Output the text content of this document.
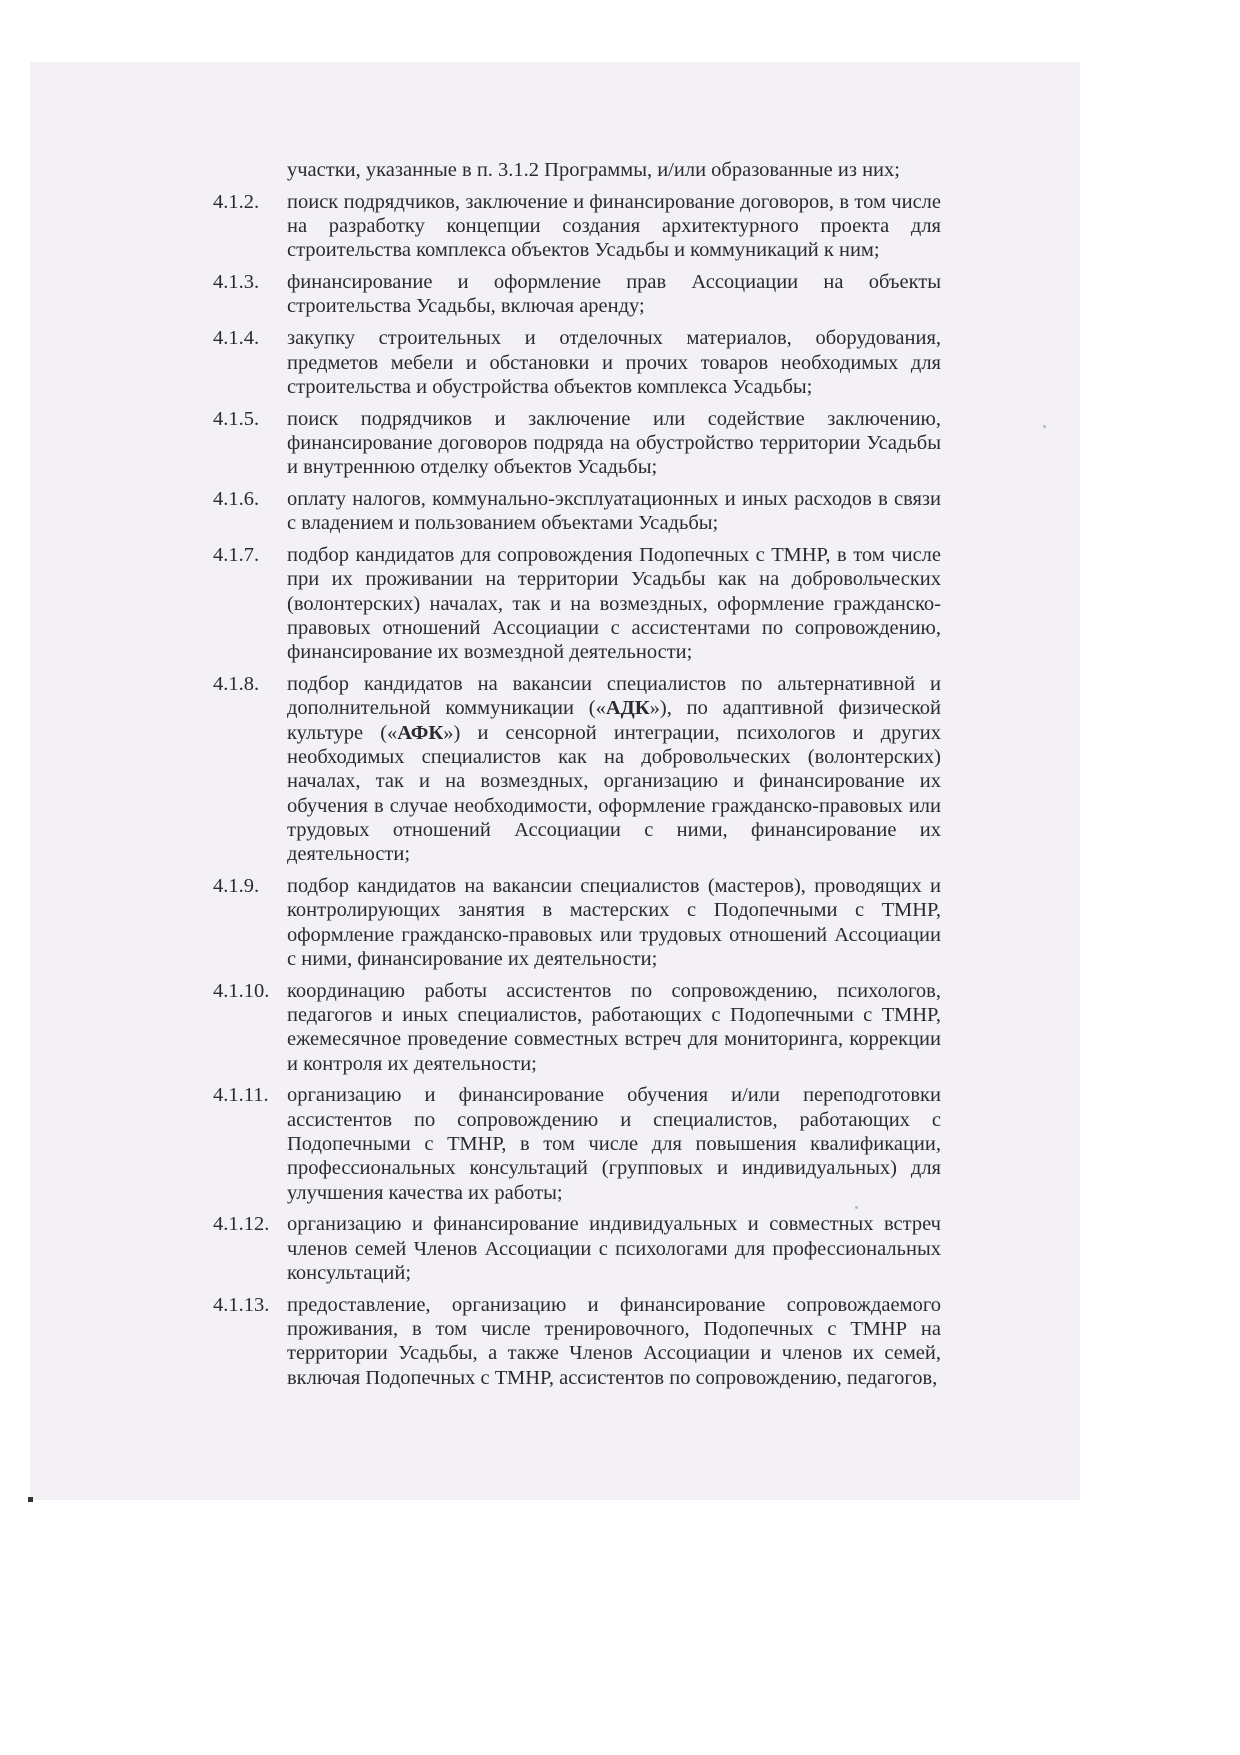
участки, указанные в п. 3.1.2 Программы, и/или образованные из них;
4.1.2.	поиск подрядчиков, заключение и финансирование договоров, в том числе
на разработку концепции создания архитектурного проекта для
строительства комплекса объектов Усадьбы и коммуникаций к ним;
4.1.3.	финансирование и оформление прав Ассоциации на объекты
строительства Усадьбы, включая аренду;
4.1.4.	закупку строительных и отделочных материалов, оборудования,
предметов мебели и обстановки и прочих товаров необходимых для
строительства и обустройства объектов комплекса Усадьбы;
4.1.5.	поиск подрядчиков и заключение или содействие заключению,
финансирование договоров подряда на обустройство территории Усадьбы
и внутреннюю отделку объектов Усадьбы;
4.1.6.	оплату налогов, коммунально-эксплуатационных и иных расходов в связи
с владением и пользованием объектами Усадьбы;
4.1.7.	подбор кандидатов для сопровождения Подопечных с ТМНР, в том числе
при их проживании на территории Усадьбы как на добровольческих
(волонтерских) началах, так и на возмездных, оформление гражданско-
правовых отношений Ассоциации с ассистентами по сопровождению,
финансирование их возмездной деятельности;
4.1.8.	подбор кандидатов на вакансии специалистов по альтернативной и
дополнительной коммуникации («АДК»), по адаптивной физической
культуре («АФК») и сенсорной интеграции, психологов и других
необходимых специалистов как на добровольческих (волонтерских)
началах, так и на возмездных, организацию и финансирование их
обучения в случае необходимости, оформление гражданско-правовых или
трудовых отношений Ассоциации с ними, финансирование их
деятельности;
4.1.9.	подбор кандидатов на вакансии специалистов (мастеров), проводящих и
контролирующих занятия в мастерских с Подопечными с ТМНР,
оформление гражданско-правовых или трудовых отношений Ассоциации
с ними, финансирование их деятельности;
4.1.10. координацию работы ассистентов по сопровождению, психологов,
педагогов и иных специалистов, работающих с Подопечными с ТМНР,
ежемесячное проведение совместных встреч для мониторинга, коррекции
и контроля их деятельности;
4.1.11. организацию и финансирование обучения и/или переподготовки
ассистентов по сопровождению и специалистов, работающих с
Подопечными с ТМНР, в том числе для повышения квалификации,
профессиональных консультаций (групповых и индивидуальных) для
улучшения качества их работы;
4.1.12. организацию и финансирование индивидуальных и совместных встреч
членов семей Членов Ассоциации с психологами для профессиональных
консультаций;
4.1.13. предоставление, организацию и финансирование сопровождаемого
проживания, в том числе тренировочного, Подопечных с ТМНР на
территории Усадьбы, а также Членов Ассоциации и членов их семей,
включая Подопечных с ТМНР, ассистентов по сопровождению, педагогов,
